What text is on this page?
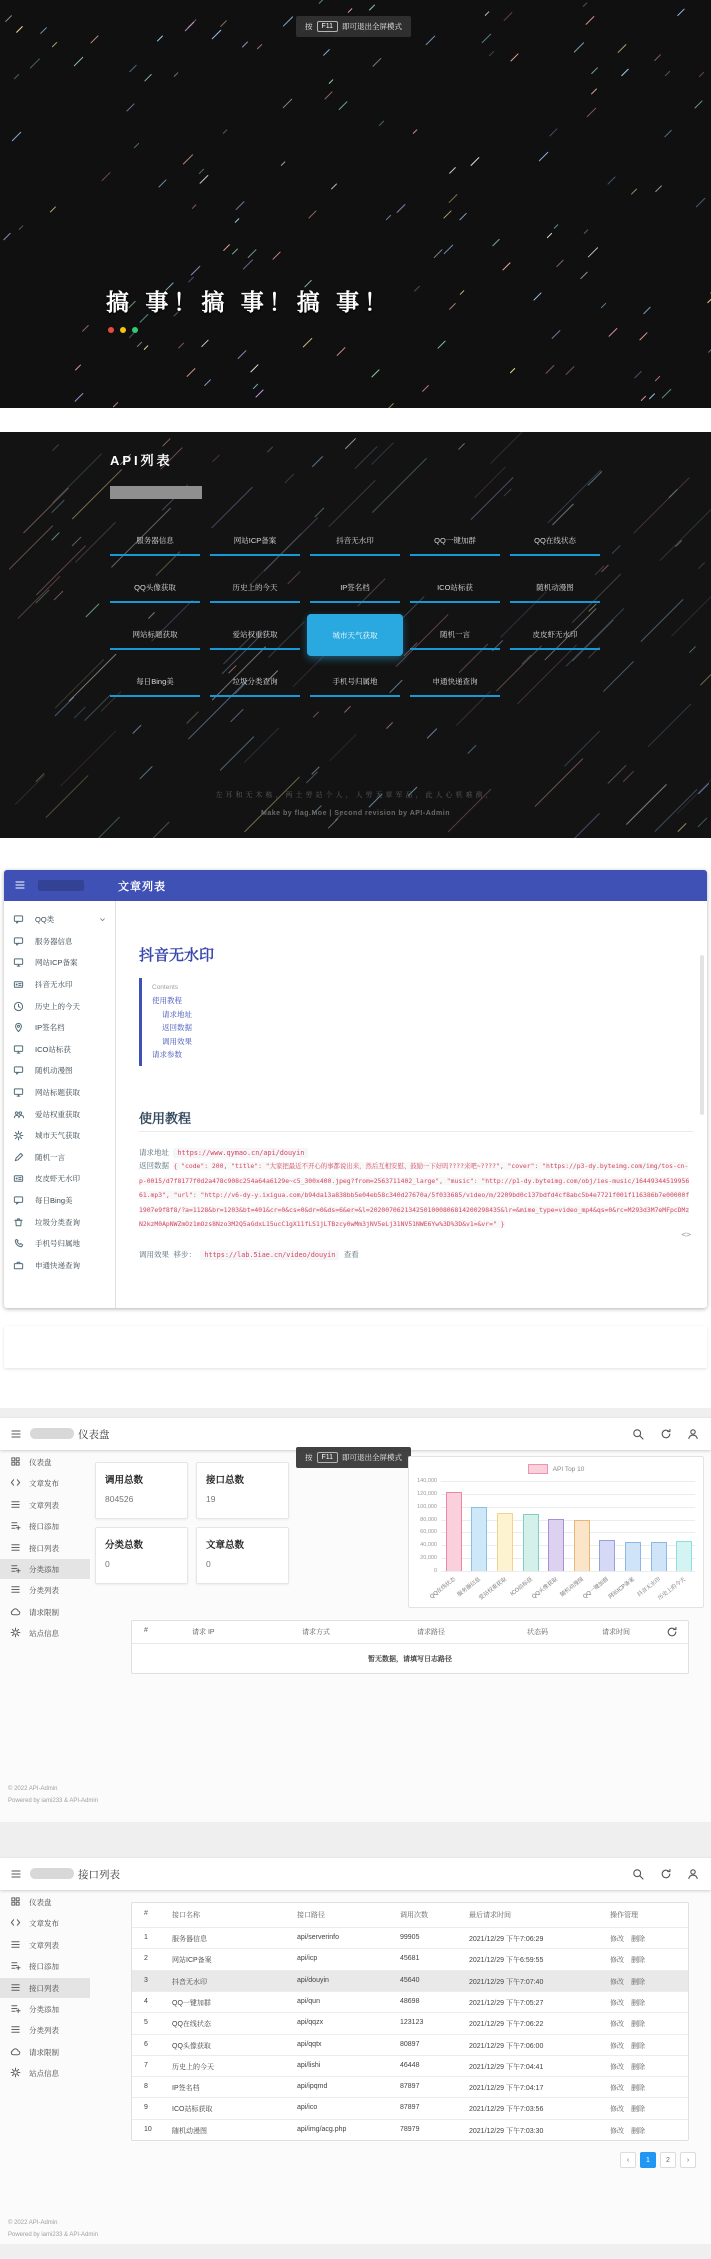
按	F11	即可退出全屏模式
搞 事！搞 事！搞 事！
API列表
服务器信息	网站ICP备案	抖音无水印	QQ一键加群	QQ在线状态
QQ头像获取	历史上的今天	IP签名档	ICO站标获	随机动漫图
网站标题获取	爱站权重获取	城市天气获取	随机一言	皮皮虾无水印
每日Bing美	垃圾分类查询	手机号归属地	申通快递查询
左耳和无木栋，两土劳站个人，人劳无草军品，此人心机难测，
Make by flag.Moe | Second revision by API-Admin
文章列表
QQ类
服务器信息
网站ICP备案
抖音无水印
历史上的今天
IP签名档
ICO站标获
随机动漫图
网站标题获取
爱站权重获取
城市天气获取
随机一言
皮皮虾无水印
每日Bing美
垃圾分类查询
手机号归属地
申通快递查询
抖音无水印
Contents
使用教程
请求地址
返回数据
调用效果
请求参数
使用教程
请求地址 https://www.qymao.cn/api/douyin
返回数据 { "code": 200, "title": "大家把最近不开心的事都说出来，然后互相安慰、鼓励一下好吗????来吧~????", "cover": "https://p3-dy.byteimg.com/img/tos-cn-p-0015/d7f8177f0d2a478c908c254a64a6129e~c5_300x400.jpeg?from=2563711402_large", "music": "http://p1-dy.byteimg.com/obj/ies-music/1644934451995661.mp3", "url": "http://v6-dy-y.ixigua.com/b94da13a838bb5e04eb58c340d27670a/5f033685/video/m/2209bd0c137bdfd4cf8abc5b4e7721f001f116386b7e00000f1907e9f8f8/?a=1128&br=1203&bt=401&cr=0&cs=0&dr=0&ds=6&er=&l=2020070621342501000806814200298435&lr=&mime_type=video_mp4&qs=0&rc=M293d3M7eMFpcDMzN2kzM0ApNWZmOz1mOzs8Nzo3M2Q5aGdxL15ucC1gX11fLS1jLTBzcy0wMm3jNV5eLj31NV51NWE6Yw%3D%3D&v1=&vr=" }
<>
调用效果 移步： https://lab.5iae.cn/video/douyin 查看
仪表盘
按	F11	即可退出全屏模式
仪表盘
文章发布
文章列表
接口添加
接口列表
分类添加
分类列表
请求限制
站点信息
调用总数
804526
接口总数
19
分类总数
0
文章总数
0
API Top 10
140,000
120,000
100,000
80,000
60,000
40,000
20,000
0
QQ在线状态 服务器信息
爱站权重获取 ICO站标获
QQ头像获取 随机动漫图
QQ一键加群
网站ICP备案 抖音无水印
历史上的今天
#	请求 IP	请求方式	请求路径	状态码	请求时间
暂无数据，请填写日志路径
© 2022 API-Admin
Powered by iami233 & API-Admin
接口列表
仪表盘
文章发布
文章列表
接口添加
接口列表
分类添加
分类列表
请求限制
站点信息
#	接口名称	接口路径	调用次数	最后请求时间	操作管理
1	服务器信息	api/serverinfo	99905	2021/12/29 下午7:06:29	修改 删除
2	网站ICP备案	api/icp	45681	2021/12/29 下午6:59:55	修改 删除
3	抖音无水印	api/douyin	45640	2021/12/29 下午7:07:40	修改 删除
4	QQ一键加群	api/qun	48698	2021/12/29 下午7:05:27	修改 删除
5	QQ在线状态	api/qqzx	123123	2021/12/29 下午7:06:22	修改 删除
6	QQ头像获取	api/qqtx	80897	2021/12/29 下午7:06:00	修改 删除
7	历史上的今天	api/lishi	46448	2021/12/29 下午7:04:41	修改 删除
8	IP签名档	api/ipqmd	87897	2021/12/29 下午7:04:17	修改 删除
9	ICO站标获取	api/ico	87897	2021/12/29 下午7:03:56	修改 删除
10	随机动漫图	api/img/acg.php	78979	2021/12/29 下午7:03:30	修改 删除
‹	1	2	›
© 2022 API-Admin
Powered by iami233 & API-Admin
